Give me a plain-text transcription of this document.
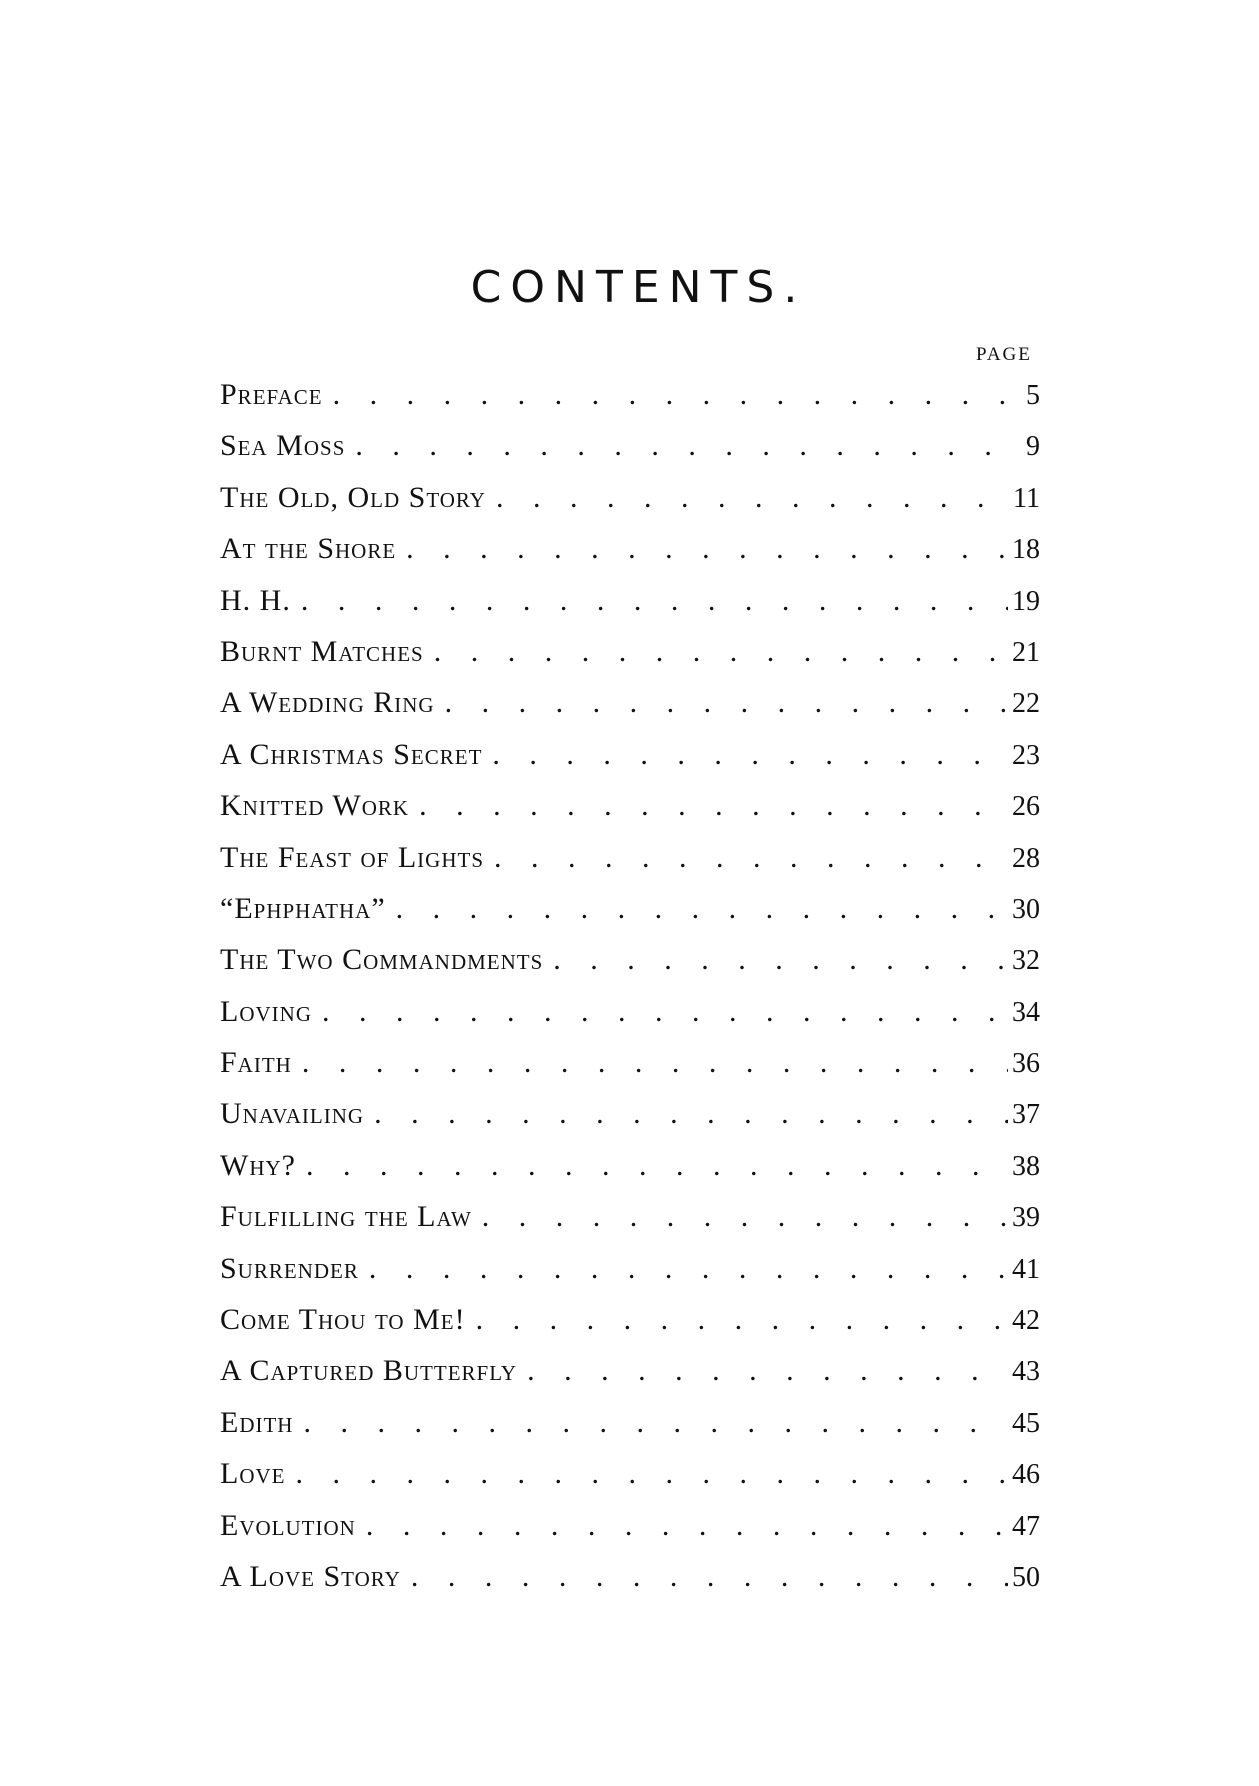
CONTENTS.
PAGE
Preface . . .	5
Sea Moss . . .	9
The Old, Old Story . . .	11
At the Shore . . .	18
H. H. . . .	19
Burnt Matches . . .	21
A Wedding Ring . . .	22
A Christmas Secret . . .	23
Knitted Work . . .	26
The Feast of Lights . . .	28
“Ephphatha” . . .	30
The Two Commandments . . .	32
Loving . . .	34
Faith . . .	36
Unavailing . . .	37
Why? . . .	38
Fulfilling the Law . . .	39
Surrender . . .	41
Come Thou to Me! . . .	42
A Captured Butterfly . . .	43
Edith . . .	45
Love . . .	46
Evolution . . .	47
A Love Story . . .	50
